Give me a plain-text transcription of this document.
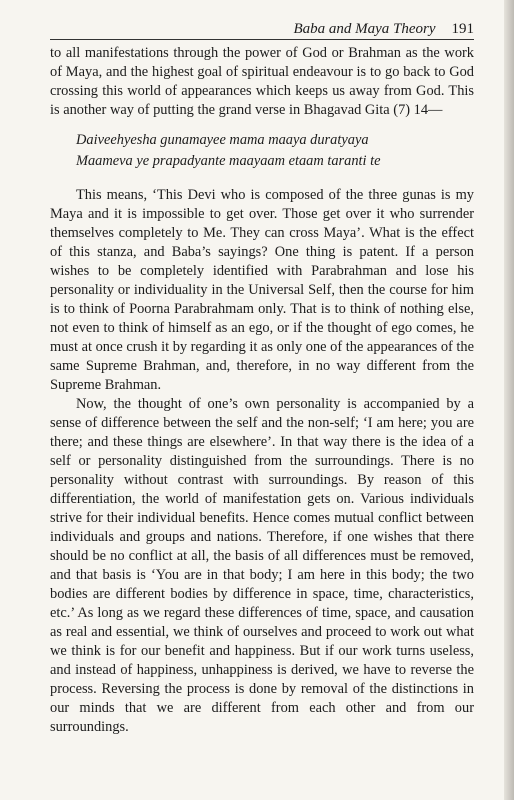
Baba and Maya Theory 191

to all manifestations through the power of God or Brahman as the work of Maya, and the highest goal of spiritual endeavour is to go back to God crossing this world of appearances which keeps us away from God. This is another way of putting the grand verse in Bhagavad Gita (7) 14—

Daiveehyesha gunamayee mama maaya duratyaya
Maameva ye prapadyante maayaam etaam taranti te

This means, ‘This Devi who is composed of the three gunas is my Maya and it is impossible to get over. Those get over it who surrender themselves completely to Me. They can cross Maya’. What is the effect of this stanza, and Baba’s sayings? One thing is patent. If a person wishes to be completely identified with Parabrahman and lose his personality or individuality in the Universal Self, then the course for him is to think of Poorna Parabrahmam only. That is to think of nothing else, not even to think of himself as an ego, or if the thought of ego comes, he must at once crush it by regarding it as only one of the appearances of the same Supreme Brahman, and, therefore, in no way different from the Supreme Brahman.

Now, the thought of one’s own personality is accompanied by a sense of difference between the self and the non-self; ‘I am here; you are there; and these things are elsewhere’. In that way there is the idea of a self or personality distinguished from the surroundings. There is no personality without contrast with surroundings. By reason of this differentiation, the world of manifestation gets on. Various individuals strive for their individual benefits. Hence comes mutual conflict between individuals and groups and nations. Therefore, if one wishes that there should be no conflict at all, the basis of all differences must be removed, and that basis is ‘You are in that body; I am here in this body; the two bodies are different bodies by difference in space, time, characteristics, etc.’ As long as we regard these differences of time, space, and causation as real and essential, we think of ourselves and proceed to work out what we think is for our benefit and happiness. But if our work turns useless, and instead of happiness, unhappiness is derived, we have to reverse the process. Reversing the process is done by removal of the distinctions in our minds that we are different from each other and from our surroundings.
